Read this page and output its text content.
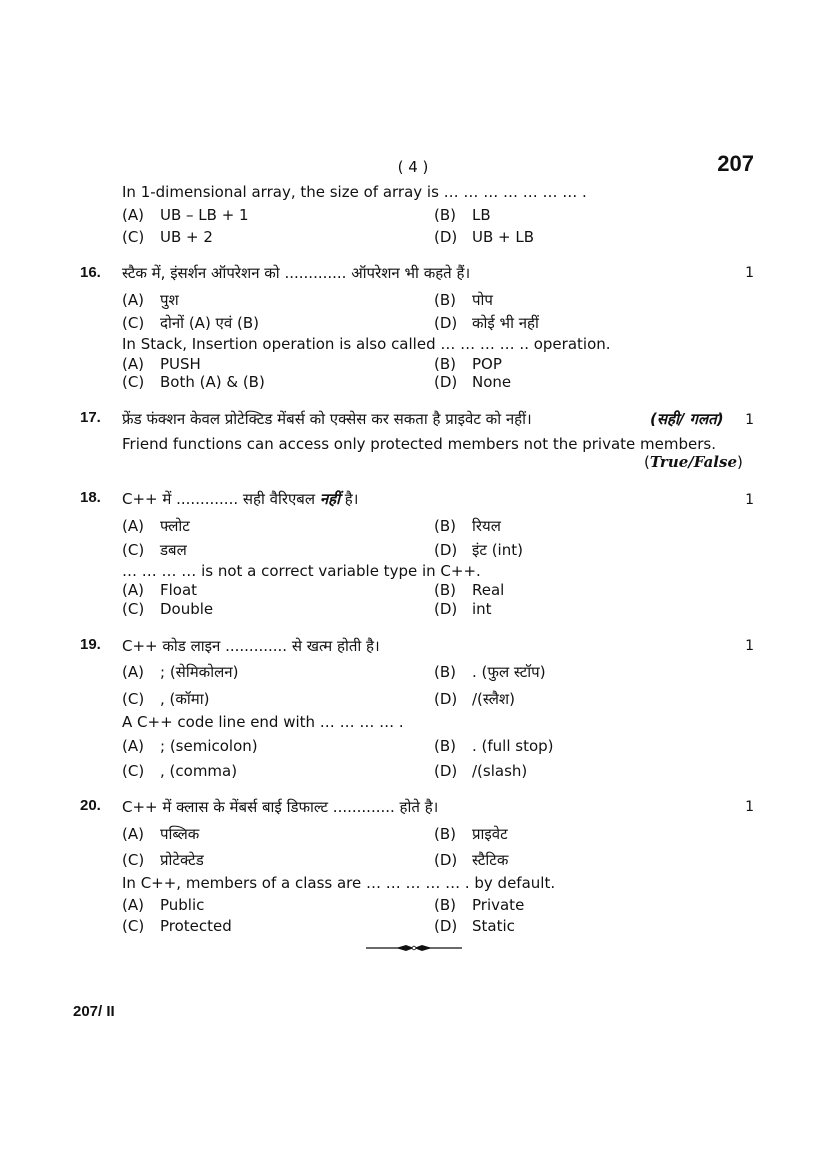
( 4 )	207
In 1-dimensional array, the size of array is … … … … … … … .
(A) UB – LB + 1	(B) LB
(C) UB + 2	(D) UB + LB
16. स्टैक में, इंसर्शन ऑपरेशन को ............. ऑपरेशन भी कहते हैं।	1
(A) पुश	(B) पोप
(C) दोनों (A) एवं (B)	(D) कोई भी नहीं
In Stack, Insertion operation is also called … … … … .. operation.
(A) PUSH	(B) POP
(C) Both (A) & (B)	(D) None
17. फ्रेंड फंक्शन केवल प्रोटेक्टिड मेंबर्स को एक्सेस कर सकता है प्राइवेट को नहीं।	(सही/ गलत)	1
Friend functions can access only protected members not the private members.
(True/False)
18. C++ में ............. सही वैरिएबल नहीं है।	1
(A) फ्लोट	(B) रियल
(C) डबल	(D) इंट (int)
… … … … is not a correct variable type in C++.
(A) Float	(B) Real
(C) Double	(D) int
19. C++ कोड लाइन ............. से खत्म होती है।	1
(A) ; (सेमिकोलन)	(B) . (फुल स्टॉप)
(C) , (कॉमा)	(D) /(स्लैश)
A C++ code line end with … … … … .
(A) ; (semicolon)	(B) . (full stop)
(C) , (comma)	(D) /(slash)
20. C++ में क्लास के मेंबर्स बाई डिफाल्ट ............. होते है।	1
(A) पब्लिक	(B) प्राइवेट
(C) प्रोटेक्टेड	(D) स्टैटिक
In C++, members of a class are … … … … … . by default.
(A) Public	(B) Private
(C) Protected	(D) Static
207/ II
